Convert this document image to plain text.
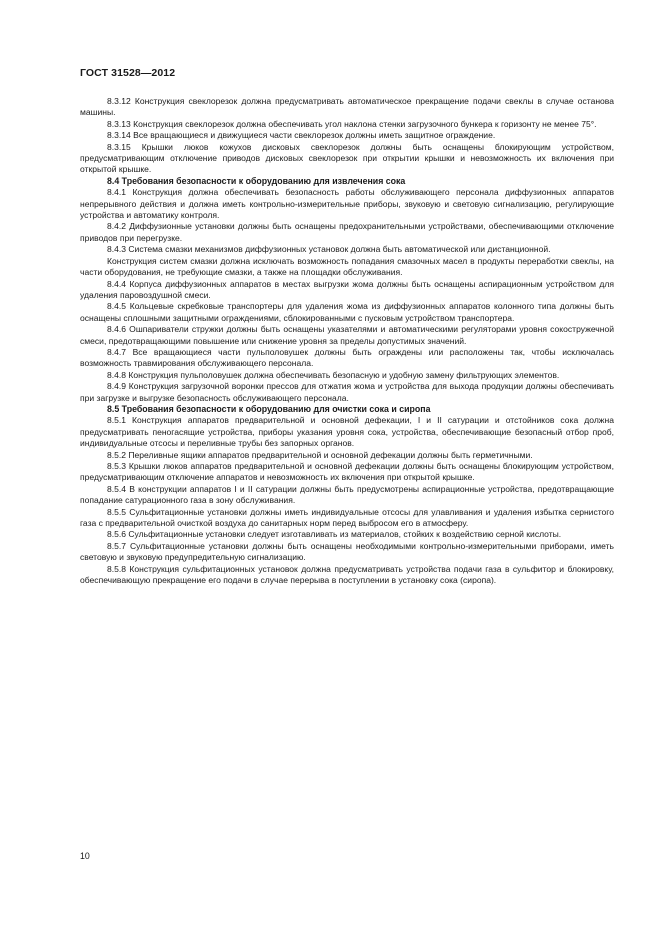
ГОСТ 31528—2012

8.3.12 Конструкция свеклорезок должна предусматривать автоматическое прекращение подачи свеклы в случае останова машины.

8.3.13 Конструкция свеклорезок должна обеспечивать угол наклона стенки загрузочного бункера к горизонту не менее 75°.

8.3.14 Все вращающиеся и движущиеся части свеклорезок должны иметь защитное ограждение.

8.3.15 Крышки люков кожухов дисковых свеклорезок должны быть оснащены блокирующим устройством, предусматривающим отключение приводов дисковых свеклорезок при открытии крышки и невозможность их включения при открытой крышке.

8.4 Требования безопасности к оборудованию для извлечения сока

8.4.1 Конструкция должна обеспечивать безопасность работы обслуживающего персонала диффузионных аппаратов непрерывного действия и должна иметь контрольно-измерительные приборы, звуковую и световую сигнализацию, регулирующие устройства и автоматику контроля.

8.4.2 Диффузионные установки должны быть оснащены предохранительными устройствами, обеспечивающими отключение приводов при перегрузке.

8.4.3 Система смазки механизмов диффузионных установок должна быть автоматической или дистанционной.

Конструкция систем смазки должна исключать возможность попадания смазочных масел в продукты переработки свеклы, на части оборудования, не требующие смазки, а также на площадки обслуживания.

8.4.4 Корпуса диффузионных аппаратов в местах выгрузки жома должны быть оснащены аспирационным устройством для удаления паровоздушной смеси.

8.4.5 Кольцевые скребковые транспортеры для удаления жома из диффузионных аппаратов колонного типа должны быть оснащены сплошными защитными ограждениями, сблокированными с пусковым устройством транспортера.

8.4.6 Ошпариватели стружки должны быть оснащены указателями и автоматическими регуляторами уровня сокостружечной смеси, предотвращающими повышение или снижение уровня за пределы допустимых значений.

8.4.7 Все вращающиеся части пульполовушек должны быть ограждены или расположены так, чтобы исключалась возможность травмирования обслуживающего персонала.

8.4.8 Конструкция пульполовушек должна обеспечивать безопасную и удобную замену фильтрующих элементов.

8.4.9 Конструкция загрузочной воронки прессов для отжатия жома и устройства для выхода продукции должны обеспечивать при загрузке и выгрузке безопасность обслуживающего персонала.

8.5 Требования безопасности к оборудованию для очистки сока и сиропа

8.5.1 Конструкция аппаратов предварительной и основной дефекации, I и II сатурации и отстойников сока должна предусматривать пеногасящие устройства, приборы указания уровня сока, устройства, обеспечивающие безопасный отбор проб, индивидуальные отсосы и переливные трубы без запорных органов.

8.5.2 Переливные ящики аппаратов предварительной и основной дефекации должны быть герметичными.

8.5.3 Крышки люков аппаратов предварительной и основной дефекации должны быть оснащены блокирующим устройством, предусматривающим отключение аппаратов и невозможность их включения при открытой крышке.

8.5.4 В конструкции аппаратов I и II сатурации должны быть предусмотрены аспирационные устройства, предотвращающие попадание сатурационного газа в зону обслуживания.

8.5.5 Сульфитационные установки должны иметь индивидуальные отсосы для улавливания и удаления избытка сернистого газа с предварительной очисткой воздуха до санитарных норм перед выбросом его в атмосферу.

8.5.6 Сульфитационные установки следует изготавливать из материалов, стойких к воздействию серной кислоты.

8.5.7 Сульфитационные установки должны быть оснащены необходимыми контрольно-измерительными приборами, иметь световую и звуковую предупредительную сигнализацию.

8.5.8 Конструкция сульфитационных установок должна предусматривать устройства подачи газа в сульфитор и блокировку, обеспечивающую прекращение его подачи в случае перерыва в поступлении в установку сока (сиропа).

10
